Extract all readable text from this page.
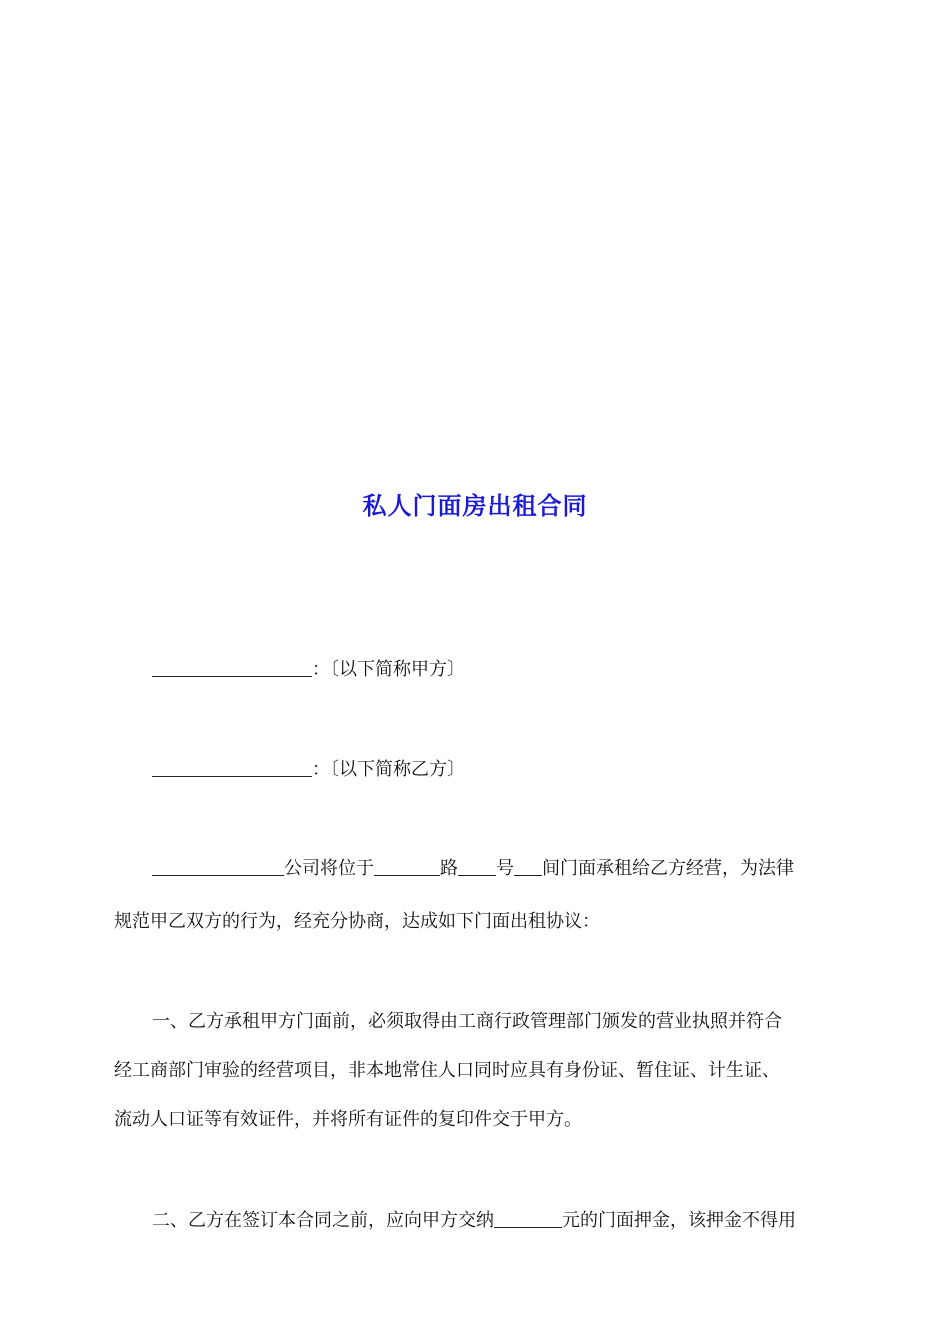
私人门面房出租合同
：〔以下简称甲方〕
：〔以下简称乙方〕
公司将位于	路 号 间门面承租给乙方经营，为法律
规范甲乙双方的行为，经充分协商，达成如下门面出租协议：
一、乙方承租甲方门面前，必须取得由工商行政管理部门颁发的营业执照并符合
经工商部门审验的经营项目，非本地常住人口同时应具有身份证、暂住证、计生证、
流动人口证等有效证件，并将所有证件的复印件交于甲方。
二、乙方在签订本合同之前，应向甲方交纳	元的门面押金，该押金不得用
